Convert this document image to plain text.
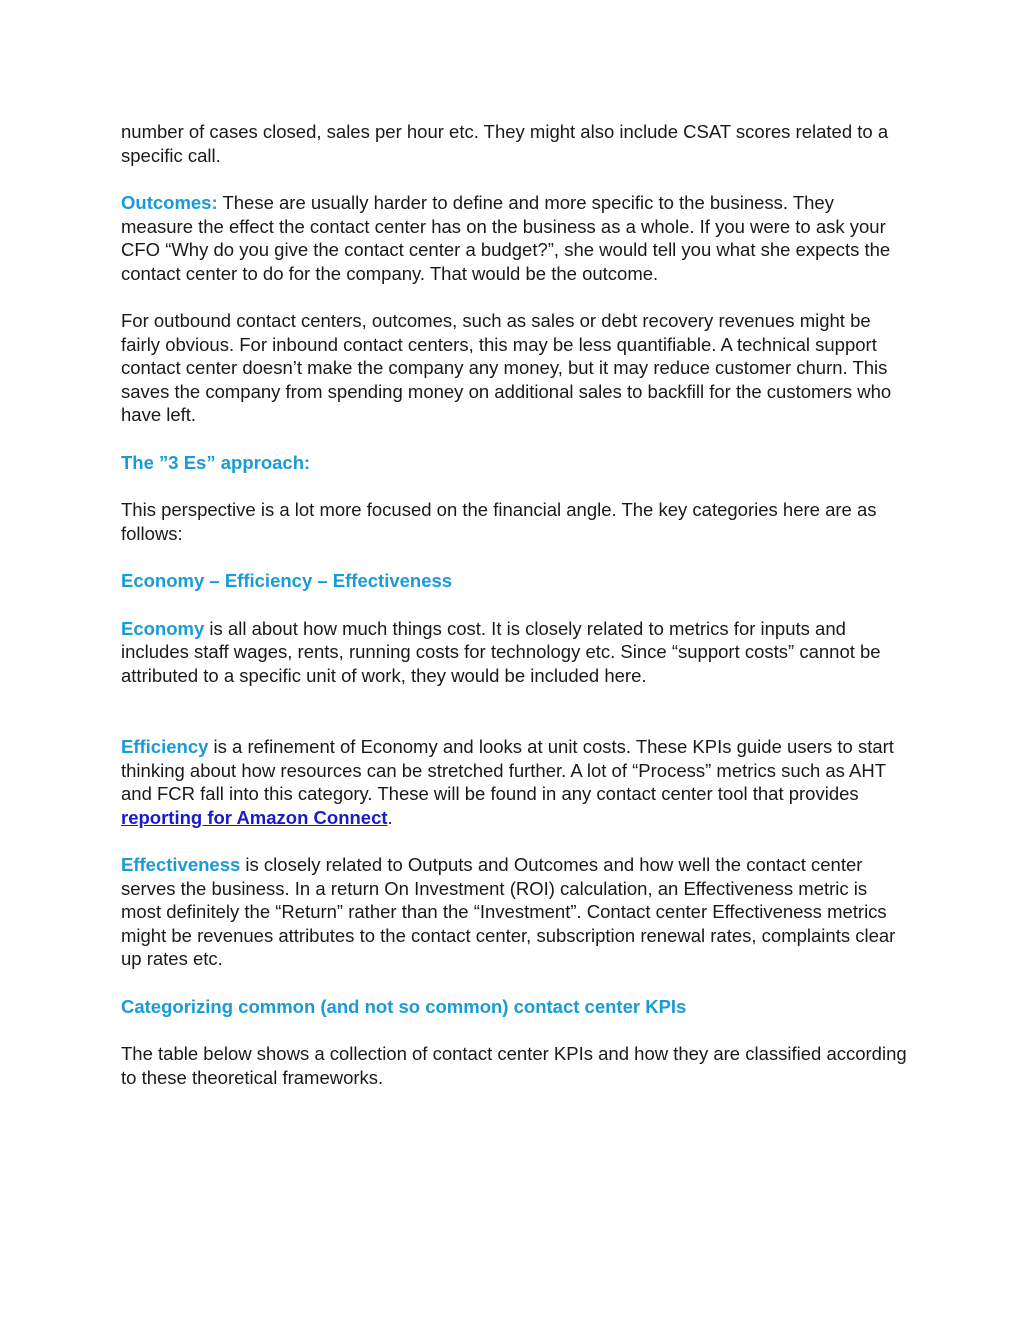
number of cases closed, sales per hour etc. They might also include CSAT scores related to a specific call.

Outcomes: These are usually harder to define and more specific to the business. They measure the effect the contact center has on the business as a whole. If you were to ask your CFO “Why do you give the contact center a budget?”, she would tell you what she expects the contact center to do for the company. That would be the outcome.

For outbound contact centers, outcomes, such as sales or debt recovery revenues might be fairly obvious. For inbound contact centers, this may be less quantifiable. A technical support contact center doesn’t make the company any money, but it may reduce customer churn. This saves the company from spending money on additional sales to backfill for the customers who have left.

The ”3 Es” approach:

This perspective is a lot more focused on the financial angle. The key categories here are as follows:

Economy – Efficiency – Effectiveness

Economy is all about how much things cost. It is closely related to metrics for inputs and includes staff wages, rents, running costs for technology etc. Since “support costs” cannot be attributed to a specific unit of work, they would be included here.

Efficiency is a refinement of Economy and looks at unit costs. These KPIs guide users to start thinking about how resources can be stretched further. A lot of “Process” metrics such as AHT and FCR fall into this category. These will be found in any contact center tool that provides reporting for Amazon Connect.

Effectiveness is closely related to Outputs and Outcomes and how well the contact center serves the business. In a return On Investment (ROI) calculation, an Effectiveness metric is most definitely the “Return” rather than the “Investment”. Contact center Effectiveness metrics might be revenues attributes to the contact center, subscription renewal rates, complaints clear up rates etc.

Categorizing common (and not so common) contact center KPIs

The table below shows a collection of contact center KPIs and how they are classified according to these theoretical frameworks.
